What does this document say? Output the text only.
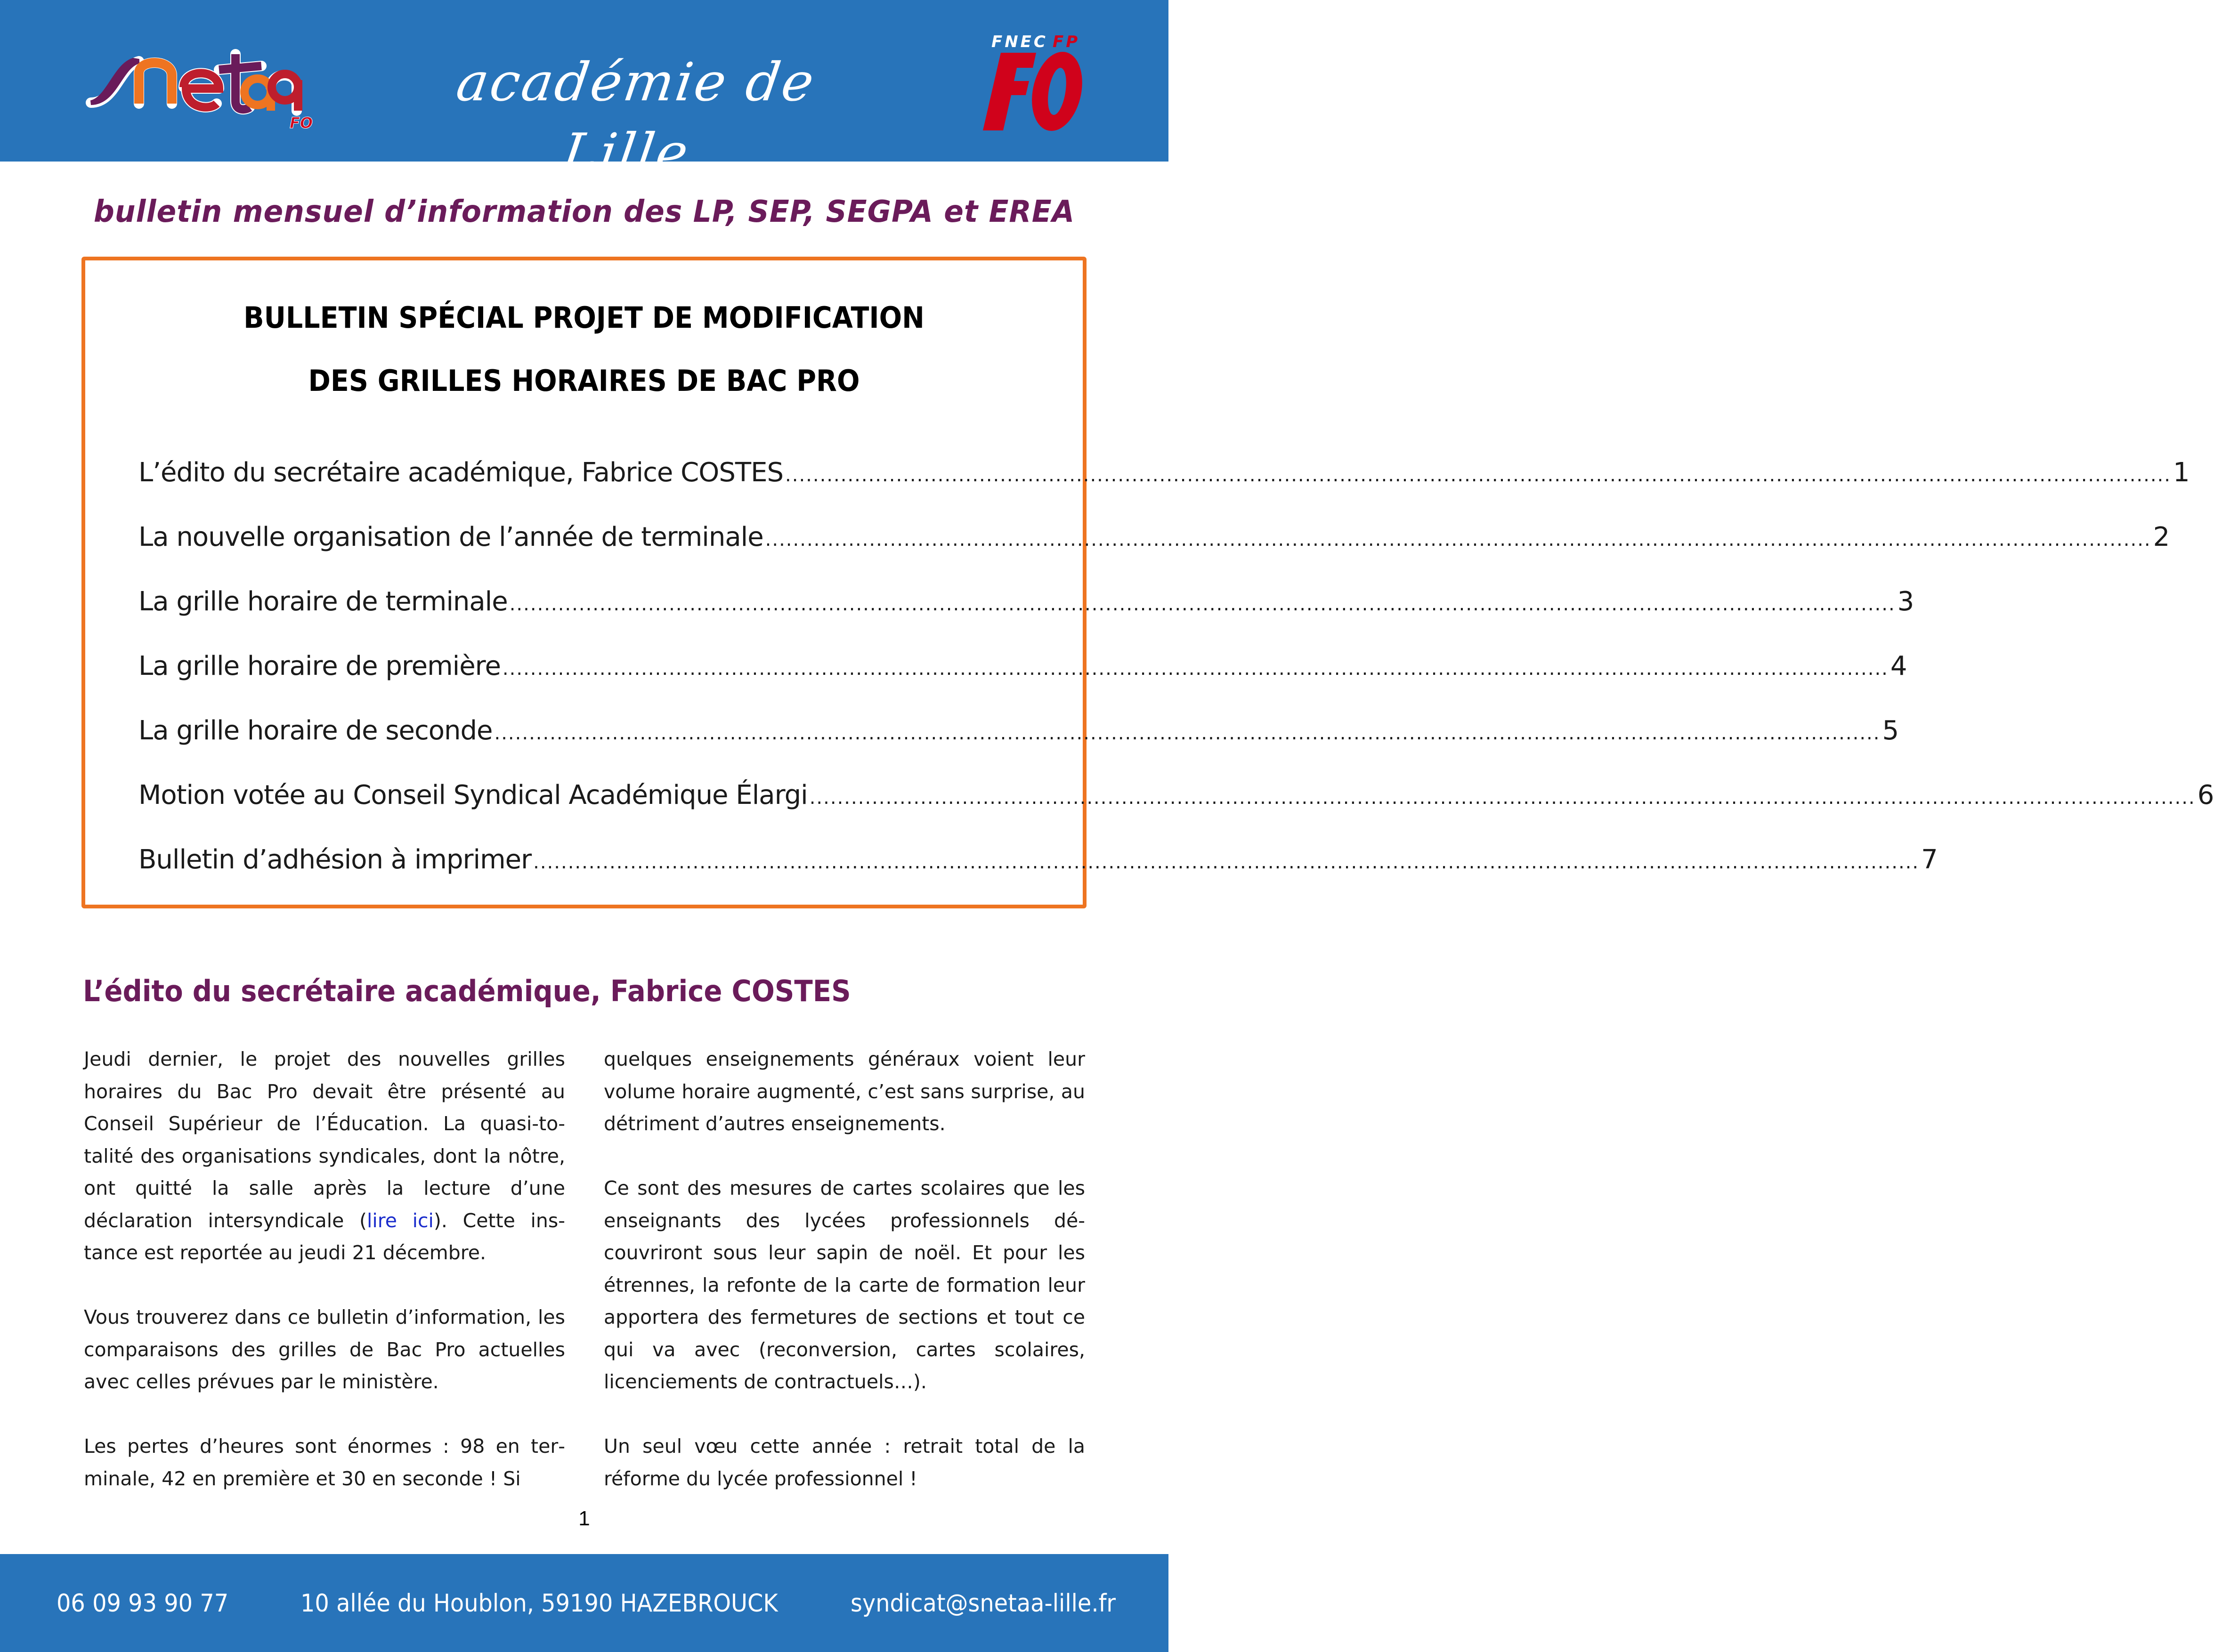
FO
académie de Lille
FNEC FP
bulletin mensuel d’information des LP, SEP, SEGPA et EREA
BULLETIN SPÉCIAL PROJET DE MODIFICATION
DES GRILLES HORAIRES DE BAC PRO
L’édito du secrétaire académique, Fabrice COSTES .....	1
La nouvelle organisation de l’année de terminale .....	2
La grille horaire de terminale .....	3
La grille horaire de première .....	4
La grille horaire de seconde .....	5
Motion votée au Conseil Syndical Académique Élargi .....	6
Bulletin d’adhésion à imprimer .....	7
L’édito du secrétaire académique, Fabrice COSTES

Jeudi dernier, le projet des nouvelles grilles horaires du Bac Pro devait être présenté au Conseil Supérieur de l’Éducation. La quasi-totalité des organisations syndicales, dont la nôtre, ont quitté la salle après la lecture d’une déclaration intersyndicale (lire ici). Cette instance est reportée au jeudi 21 décembre.

Vous trouverez dans ce bulletin d’information, les comparaisons des grilles de Bac Pro actuelles avec celles prévues par le ministère.

Les pertes d’heures sont énormes : 98 en terminale, 42 en première et 30 en seconde ! Si

quelques enseignements généraux voient leur volume horaire augmenté, c’est sans surprise, au détriment d’autres enseignements.

Ce sont des mesures de cartes scolaires que les enseignants des lycées professionnels découvriront sous leur sapin de noël. Et pour les étrennes, la refonte de la carte de formation leur apportera des fermetures de sections et tout ce qui va avec (reconversion, cartes scolaires, licenciements de contractuels…).

Un seul vœu cette année : retrait total de la réforme du lycée professionnel !

1
06 09 93 90 77	10 allée du Houblon, 59190 HAZEBROUCK	syndicat@snetaa-lille.fr
